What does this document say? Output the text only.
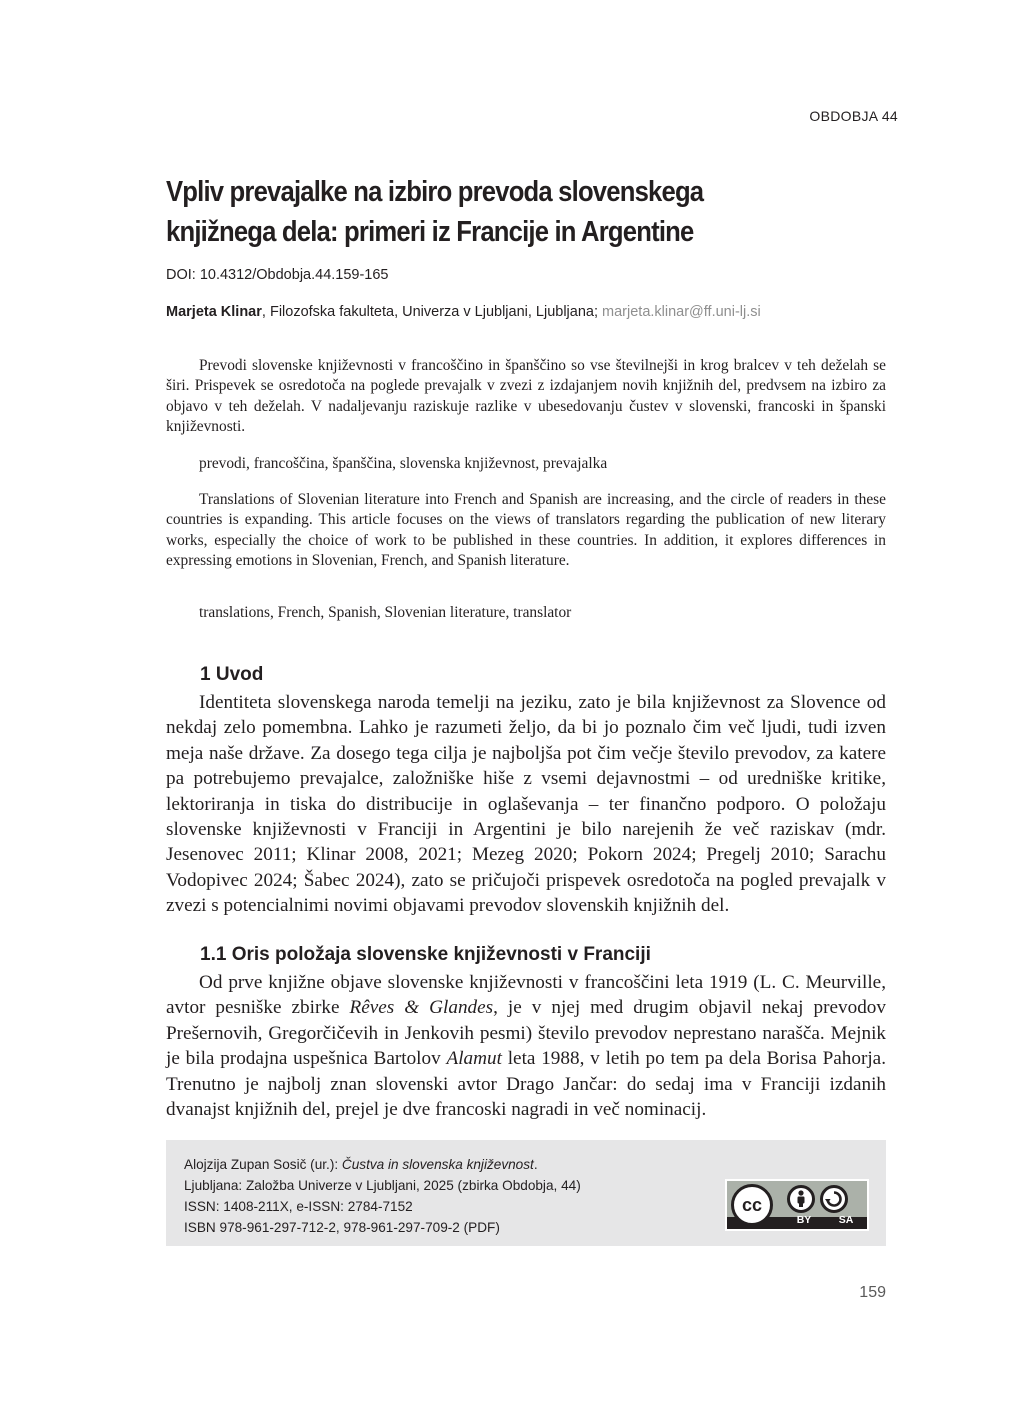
OBDOBJA 44
Vpliv prevajalke na izbiro prevoda slovenskega knjižnega dela: primeri iz Francije in Argentine
DOI: 10.4312/Obdobja.44.159-165
Marjeta Klinar, Filozofska fakulteta, Univerza v Ljubljani, Ljubljana; marjeta.klinar@ff.uni-lj.si

Prevodi slovenske književnosti v francoščino in španščino so vse številnejši in krog bralcev v teh deželah se širi. Prispevek se osredotoča na poglede prevajalk v zvezi z izdajanjem novih knjižnih del, predvsem na izbiro za objavo v teh deželah. V nadaljevanju raziskuje razlike v ubesedovanju čustev v slovenski, francoski in španski književnosti.

prevodi, francoščina, španščina, slovenska književnost, prevajalka

Translations of Slovenian literature into French and Spanish are increasing, and the circle of readers in these countries is expanding. This article focuses on the views of translators regarding the publication of new literary works, especially the choice of work to be published in these countries. In addition, it explores differences in expressing emotions in Slovenian, French, and Spanish literature.

translations, French, Spanish, Slovenian literature, translator

1 Uvod

Identiteta slovenskega naroda temelji na jeziku, zato je bila književnost za Slovence od nekdaj zelo pomembna. Lahko je razumeti željo, da bi jo poznalo čim več ljudi, tudi izven meja naše države. Za dosego tega cilja je najboljša pot čim večje število prevodov, za katere pa potrebujemo prevajalce, založniške hiše z vsemi dejavnostmi – od uredniške kritike, lektoriranja in tiska do distribucije in oglaševanja – ter finančno podporo. O položaju slovenske književnosti v Franciji in Argentini je bilo narejenih že več raziskav (mdr. Jesenovec 2011; Klinar 2008, 2021; Mezeg 2020; Pokorn 2024; Pregelj 2010; Sarachu Vodopivec 2024; Šabec 2024), zato se pričujoči prispevek osredotoča na pogled prevajalk v zvezi s potencialnimi novimi objavami prevodov slovenskih knjižnih del.

1.1 Oris položaja slovenske književnosti v Franciji

Od prve knjižne objave slovenske književnosti v francoščini leta 1919 (L. C. Meurville, avtor pesniške zbirke Rêves & Glandes, je v njej med drugim objavil nekaj prevodov Prešernovih, Gregorčičevih in Jenkovih pesmi) število prevodov neprestano narašča. Mejnik je bila prodajna uspešnica Bartolov Alamut leta 1988, v letih po tem pa dela Borisa Pahorja. Trenutno je najbolj znan slovenski avtor Drago Jančar: do sedaj ima v Franciji izdanih dvanajst knjižnih del, prejel je dve francoski nagradi in več nominacij.

Alojzija Zupan Sosič (ur.): Čustva in slovenska književnost.
Ljubljana: Založba Univerze v Ljubljani, 2025 (zbirka Obdobja, 44)
ISSN: 1408-211X, e-ISSN: 2784-7152
ISBN 978-961-297-712-2, 978-961-297-709-2 (PDF)
cc
BY	SA
159
